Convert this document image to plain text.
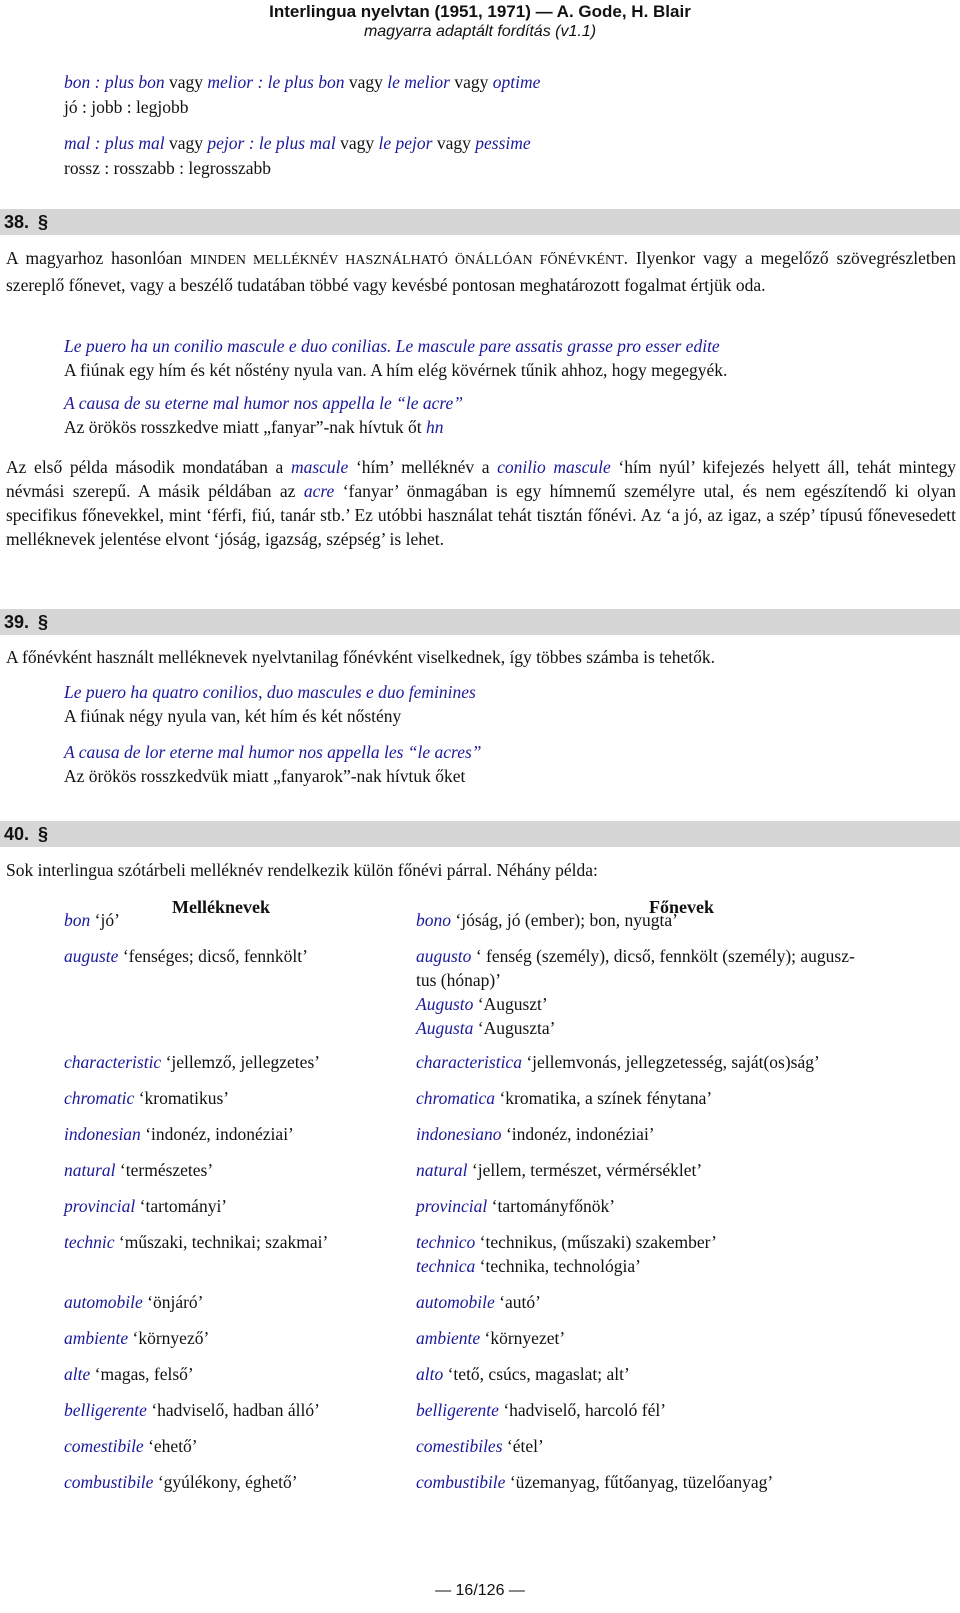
Interlingua nyelvtan (1951, 1971) — A. Gode, H. Blair
magyarra adaptált fordítás (v1.1)
bon : plus bon vagy melior : le plus bon vagy le melior vagy optime
jó : jobb : legjobb
mal : plus mal vagy pejor : le plus mal vagy le pejor vagy pessime
rossz : rosszabb : legrosszabb
38. §
A magyarhoz hasonlóan MINDEN MELLÉKNÉV HASZNÁLHATÓ ÖNÁLLÓAN FŐNÉVKÉNT. Ilyenkor vagy a megelőző szövegrészletben szereplő főnevet, vagy a beszélő tudatában többé vagy kevésbé pontosan meghatározott fogalmat értjük oda.
Le puero ha un conilio mascule e duo conilias. Le mascule pare assatis grasse pro esser edite
A fiúnak egy hím és két nőstény nyula van. A hím elég kövérnek tűnik ahhoz, hogy megegyék.
A causa de su eterne mal humor nos appella le “le acre”
Az örökös rosszkedve miatt „fanyar”-nak hívtuk őt hn
Az első példa második mondatában a mascule ‘hím’ melléknév a conilio mascule ‘hím nyúl’ kifejezés helyett áll, tehát mintegy névmási szerepű. A másik példában az acre ‘fanyar’ önmagában is egy hímnemű személyre utal, és nem egészítendő ki olyan specifikus főnevekkel, mint ‘férfi, fiú, tanár stb.’ Ez utóbbi használat tehát tisztán főnévi. Az ‘a jó, az igaz, a szép’ típusú főnevesedett melléknevek jelentése elvont ‘jóság, igazság, szépség’ is lehet.
39. §
A főnévként használt melléknevek nyelvtanilag főnévként viselkednek, így többes számba is tehetők.
Le puero ha quatro conilios, duo mascules e duo feminines
A fiúnak négy nyula van, két hím és két nőstény
A causa de lor eterne mal humor nos appella les “le acres”
Az örökös rosszkedvük miatt „fanyarok”-nak hívtuk őket
40. §
Sok interlingua szótárbeli melléknév rendelkezik külön főnévi párral. Néhány példa:
Melléknevek	Főnevek
bon ‘jó’	bono ‘jóság, jó (ember); bon, nyugta’
auguste ‘fenséges; dicső, fennkölt’	augusto ‘ fenség (személy), dicső, fennkölt (személy); augusz-
tus (hónap)’
Augusto ‘Auguszt’
Augusta ‘Auguszta’
characteristic ‘jellemző, jellegzetes’	characteristica ‘jellemvonás, jellegzetesség, saját(os)ság’
chromatic ‘kromatikus’	chromatica ‘kromatika, a színek fénytana’
indonesian ‘indonéz, indonéziai’	indonesiano ‘indonéz, indonéziai’
natural ‘természetes’	natural ‘jellem, természet, vérmérséklet’
provincial ‘tartományi’	provincial ‘tartományfőnök’
technic ‘műszaki, technikai; szakmai’	technico ‘technikus, (műszaki) szakember’
technica ‘technika, technológia’
automobile ‘önjáró’	automobile ‘autó’
ambiente ‘környező’	ambiente ‘környezet’
alte ‘magas, felső’	alto ‘tető, csúcs, magaslat; alt’
belligerente ‘hadviselő, hadban álló’	belligerente ‘hadviselő, harcoló fél’
comestibile ‘ehető’	comestibiles ‘étel’
combustibile ‘gyúlékony, éghető’	combustibile ‘üzemanyag, fűtőanyag, tüzelőanyag’
— 16/126 —
